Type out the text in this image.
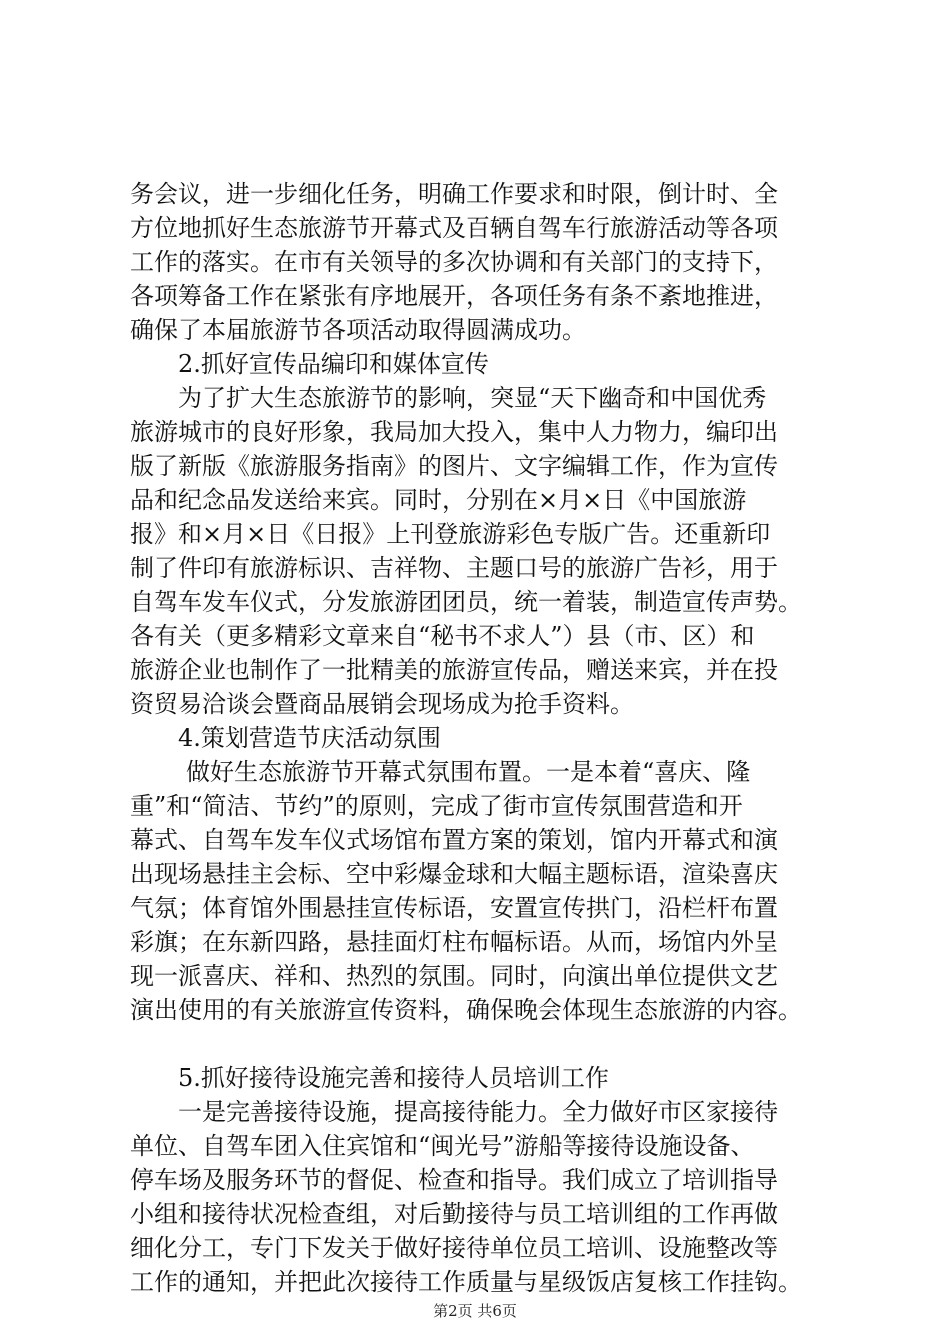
务会议，进一步细化任务，明确工作要求和时限，倒计时、全
方位地抓好生态旅游节开幕式及百辆自驾车行旅游活动等各项
工作的落实。在市有关领导的多次协调和有关部门的支持下，
各项筹备工作在紧张有序地展开，各项任务有条不紊地推进，
确保了本届旅游节各项活动取得圆满成功。
2.抓好宣传品编印和媒体宣传
为了扩大生态旅游节的影响，突显“天下幽奇和中国优秀
旅游城市的良好形象，我局加大投入，集中人力物力，编印出
版了新版《旅游服务指南》的图片、文字编辑工作，作为宣传
品和纪念品发送给来宾。同时，分别在×月×日《中国旅游
报》和×月×日《日报》上刊登旅游彩色专版广告。还重新印
制了件印有旅游标识、吉祥物、主题口号的旅游广告衫，用于
自驾车发车仪式，分发旅游团团员，统一着装，制造宣传声势。
各有关（更多精彩文章来自“秘书不求人”）县（市、区）和
旅游企业也制作了一批精美的旅游宣传品，赠送来宾，并在投
资贸易洽谈会暨商品展销会现场成为抢手资料。
4.策划营造节庆活动氛围
做好生态旅游节开幕式氛围布置。一是本着“喜庆、隆
重”和“简洁、节约”的原则，完成了街市宣传氛围营造和开
幕式、自驾车发车仪式场馆布置方案的策划，馆内开幕式和演
出现场悬挂主会标、空中彩爆金球和大幅主题标语，渲染喜庆
气氛；体育馆外围悬挂宣传标语，安置宣传拱门，沿栏杆布置
彩旗；在东新四路，悬挂面灯柱布幅标语。从而，场馆内外呈
现一派喜庆、祥和、热烈的氛围。同时，向演出单位提供文艺
演出使用的有关旅游宣传资料，确保晚会体现生态旅游的内容。
5.抓好接待设施完善和接待人员培训工作
一是完善接待设施，提高接待能力。全力做好市区家接待
单位、自驾车团入住宾馆和“闽光号”游船等接待设施设备、
停车场及服务环节的督促、检查和指导。我们成立了培训指导
小组和接待状况检查组，对后勤接待与员工培训组的工作再做
细化分工，专门下发关于做好接待单位员工培训、设施整改等
工作的通知，并把此次接待工作质量与星级饭店复核工作挂钩。
第2页 共6页
